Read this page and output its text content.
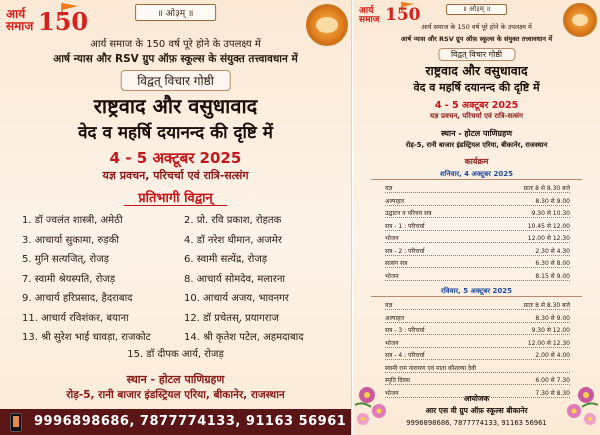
आर्य समाज 150	॥ ओ३म् ॥
आर्य समाज के 150 वर्ष पूरे होने के उपलक्ष्य में
आर्ष न्यास और RSV ग्रुप ऑफ़ स्कूल्स के संयुक्त तत्त्वावधान में
विद्वत् विचार गोष्ठी
राष्ट्रवाद और वसुधावाद
वेद व महर्षि दयानन्द की दृष्टि में
4 - 5 अक्टूबर 2025
यज्ञ प्रवचन, परिचर्चा एवं रात्रि-सत्संग
प्रतिभागी विद्वान्
1. डॉ ज्वलंत शास्त्री, अमेठी
3. आचार्या सुकामा, रुड़की
5. मुनि सत्यजित्, रोजड़
7. स्वामी श्रेयस्पति, रोजड़
9. आचार्य हरिप्रसाद, हैदराबाद
11. आचार्य रविशंकर, बयाना
13. श्री सुरेश भाई चावड़ा, राजकोट
2. प्रो. रवि प्रकाश, रोहतक
4. डॉ नरेश धीमान, अजमेर
6. स्वामी सत्येंद्र, रोजड़
8. आचार्य सोमदेव, मलारना
10. आचार्य अजय, भावनगर
12. डॉ प्रचेतस्, प्रयागराज
14. श्री कृतेश पटेल, अहमदाबाद
15. डॉ दीपक आर्य, रोजड़
स्थान - होटल पाणिग्रहण
रोड़-5, रानी बाजार इंडस्ट्रियल एरिया, बीकानेर, राजस्थान
9996898686, 7877774133, 91163 56961
आर्य समाज 150	॥ ओ३म् ॥
आर्य समाज के 150 वर्ष पूरे होने के उपलक्ष्य में
आर्ष न्यास और RSV ग्रुप ऑफ़ स्कूल्स के संयुक्त तत्त्वावधान में
विद्वत् विचार गोष्ठी
राष्ट्रवाद और वसुधावाद
वेद व महर्षि दयानन्द की दृष्टि में
4 - 5 अक्टूबर 2025
यज्ञ प्रवचन, परिचर्चा एवं रात्रि-सत्संग
स्थान - होटल पाणिग्रहण
रोड़-5, रानी बाजार इंडस्ट्रियल एरिया, बीकानेर, राजस्थान
कार्यक्रम
शनिवार, 4 अक्टूबर 2025
यज्ञ	प्रातः 8 से 8.30 बजे
अल्पाहार	8.30 से 9.00
उद्घाटन व परिचय सत्र	9.30 से 10.30
सत्र - 1 : परिचर्चा	10.45 से 12.00
भोजन	12.00 से 12.30
सत्र - 2 : परिचर्चा	2.30 से 4.30
सत्संग सत्र	6.30 से 8.00
भोजन	8.15 से 9.00
रविवार, 5 अक्टूबर 2025
यज्ञ	प्रातः 8 से 8.30 बजे
अल्पाहार	8.30 से 9.00
सत्र - 3 : परिचर्चा	9.30 से 12.00
भोजन	12.00 से 12.30
सत्र - 4 : परिचर्चा	2.00 से 4.00
स्वामी राम नारायण एवं माता कौशल्या देवी
स्मृति दिवस	6.00 से 7.30
भोजन	7.30 से 8.30
आयोजक
आर एस वी ग्रुप ऑफ़ स्कूल्स बीकानेर
9996898686, 7877774133, 91163 56961
